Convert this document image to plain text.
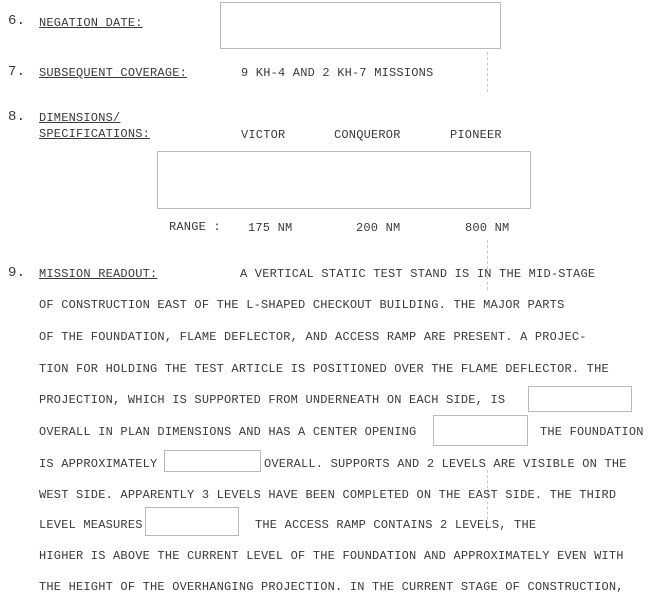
6. NEGATION DATE:
7. SUBSEQUENT COVERAGE:	9 KH-4 AND 2 KH-7 MISSIONS
8. DIMENSIONS/
SPECIFICATIONS:	VICTOR	CONQUEROR	PIONEER
RANGE : 175 NM	200 NM	800 NM
9. MISSION READOUT:	A VERTICAL STATIC TEST STAND IS IN THE MID-STAGE
OF CONSTRUCTION EAST OF THE L-SHAPED CHECKOUT BUILDING. THE MAJOR PARTS
OF THE FOUNDATION, FLAME DEFLECTOR, AND ACCESS RAMP ARE PRESENT. A PROJEC-
TION FOR HOLDING THE TEST ARTICLE IS POSITIONED OVER THE FLAME DEFLECTOR. THE
PROJECTION, WHICH IS SUPPORTED FROM UNDERNEATH ON EACH SIDE, IS
OVERALL IN PLAN DIMENSIONS AND HAS A CENTER OPENING	THE FOUNDATION
IS APPROXIMATELY	OVERALL. SUPPORTS AND 2 LEVELS ARE VISIBLE ON THE
WEST SIDE. APPARENTLY 3 LEVELS HAVE BEEN COMPLETED ON THE EAST SIDE. THE THIRD
LEVEL MEASURES	THE ACCESS RAMP CONTAINS 2 LEVELS, THE
HIGHER IS ABOVE THE CURRENT LEVEL OF THE FOUNDATION AND APPROXIMATELY EVEN WITH
THE HEIGHT OF THE OVERHANGING PROJECTION. IN THE CURRENT STAGE OF CONSTRUCTION,
